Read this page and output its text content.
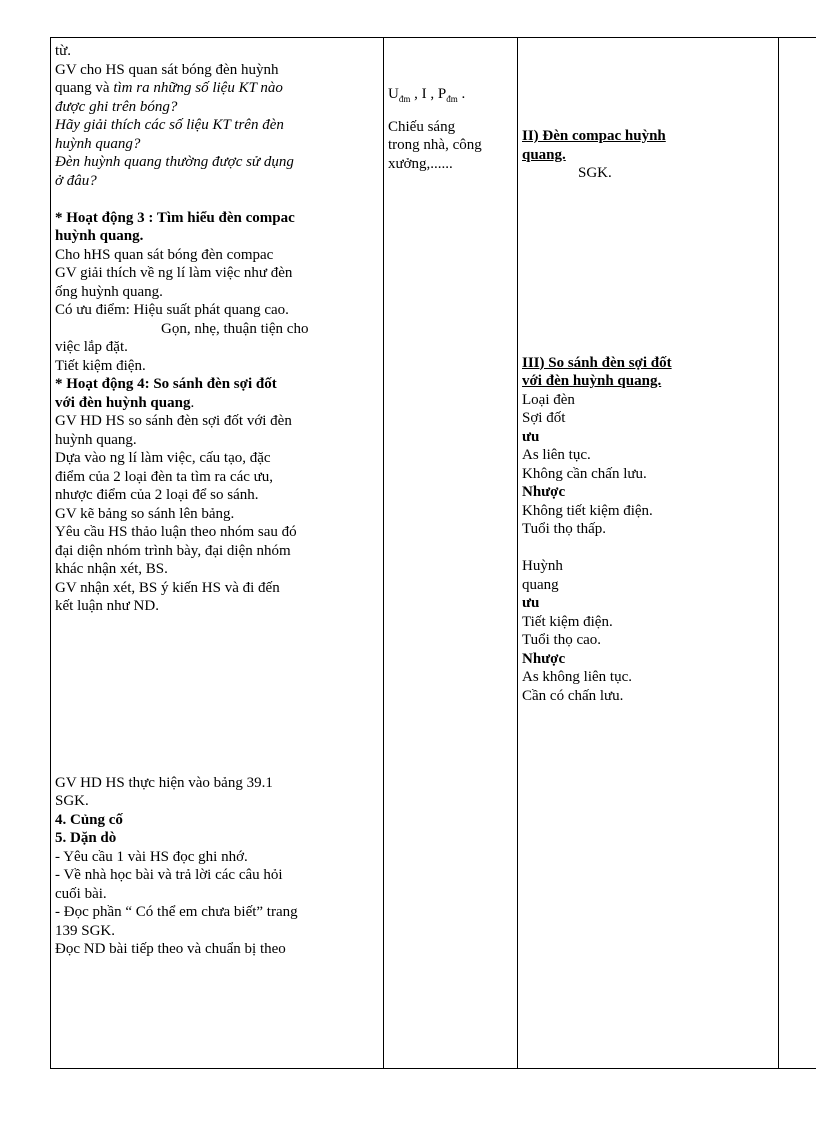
từ.
GV cho HS quan sát bóng đèn huỳnh
quang và tìm ra những số liệu KT nào
được ghi trên bóng?
Hãy giải thích các số liệu KT trên đèn
huỳnh quang?
Đèn huỳnh quang thường được sử dụng
ở đâu?
* Hoạt động 3 : Tìm hiểu đèn compac
huỳnh quang.
Cho hHS quan sát bóng đèn compac
GV giải thích về ng lí làm việc như đèn
ống huỳnh quang.
Có ưu điểm: Hiệu suất phát quang cao.
Gọn, nhẹ, thuận tiện cho
việc lắp đặt.
Tiết kiệm điện.
* Hoạt động 4: So sánh đèn sợi đốt
với đèn huỳnh quang.
GV HD HS so sánh đèn sợi đốt với đèn
huỳnh quang.
Dựa vào ng lí làm việc, cấu tạo, đặc
điểm của 2 loại đèn ta tìm ra các ưu,
nhược điểm của 2 loại để so sánh.
GV kẽ bảng so sánh lên bảng.
Yêu cầu HS thảo luận theo nhóm sau đó
đại diện nhóm trình bày, đại diện nhóm
khác nhận xét, BS.
GV nhận xét, BS ý kiến HS và đi đến
kết luận như ND.
GV HD HS thực hiện vào bảng 39.1
SGK.
4. Củng cố
5. Dặn dò
- Yêu cầu 1 vài HS đọc ghi nhớ.
- Về nhà học bài và trả lời các câu hỏi
cuối bài.
- Đọc phần “ Có thể em chưa biết” trang
139 SGK.
Đọc ND bài tiếp theo và chuẩn bị theo

$U_{đm}$ , I , $P_{đm}$ .
Chiếu sáng
trong nhà, công
xưởng,......

II) Đèn compac huỳnh
quang.
SGK.
III) So sánh đèn sợi đốt
với đèn huỳnh quang.
Loại đèn
Sợi đốt
ưu
As liên tục.
Không cần chấn lưu.
Nhược
Không tiết kiệm điện.
Tuổi thọ thấp.
Huỳnh
quang
ưu
Tiết kiệm điện.
Tuổi thọ cao.
Nhược
As không liên tục.
Cần có chấn lưu.
